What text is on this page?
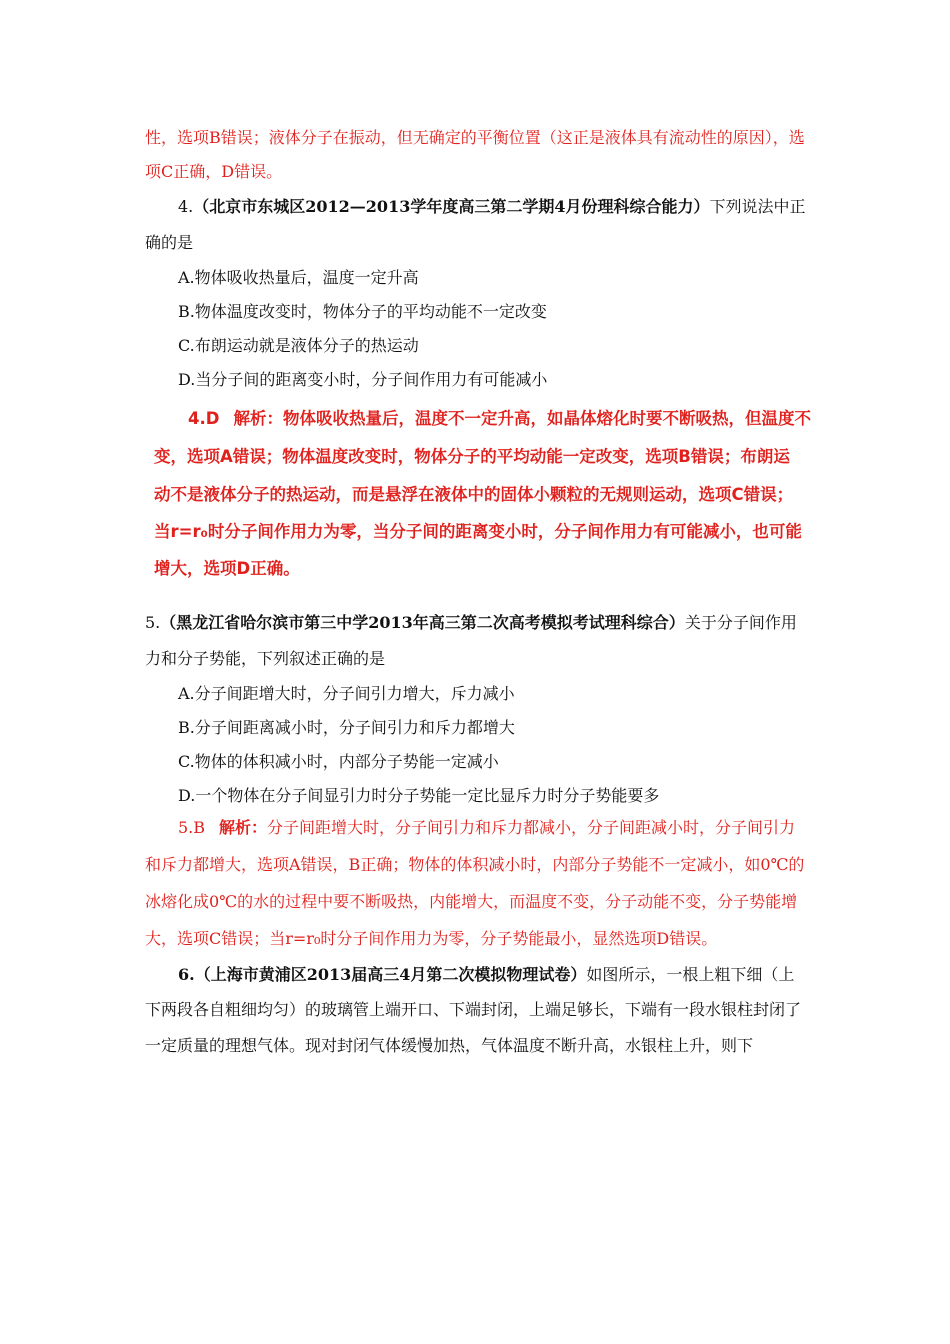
性，选项B错误；液体分子在振动，但无确定的平衡位置（这正是液体具有流动性的原因），选
项C正确，D错误。
4.（北京市东城区2012—2013学年度高三第二学期4月份理科综合能力）下列说法中正
确的是
A.物体吸收热量后，温度一定升高
B.物体温度改变时，物体分子的平均动能不一定改变
C.布朗运动就是液体分子的热运动
D.当分子间的距离变小时，分子间作用力有可能减小
4.D 解析：物体吸收热量后，温度不一定升高，如晶体熔化时要不断吸热，但温度不
变，选项A错误；物体温度改变时，物体分子的平均动能一定改变，选项B错误；布朗运
动不是液体分子的热运动，而是悬浮在液体中的固体小颗粒的无规则运动，选项C错误；
当r=r₀时分子间作用力为零，当分子间的距离变小时，分子间作用力有可能减小，也可能
增大，选项D正确。
5.（黑龙江省哈尔滨市第三中学2013年高三第二次高考模拟考试理科综合）关于分子间作用
力和分子势能，下列叙述正确的是
A.分子间距增大时，分子间引力增大，斥力减小
B.分子间距离减小时，分子间引力和斥力都增大
C.物体的体积减小时，内部分子势能一定减小
D.一个物体在分子间显引力时分子势能一定比显斥力时分子势能要多
5.B 解析：分子间距增大时，分子间引力和斥力都减小，分子间距减小时，分子间引力
和斥力都增大，选项A错误，B正确；物体的体积减小时，内部分子势能不一定减小，如0℃的
冰熔化成0℃的水的过程中要不断吸热，内能增大，而温度不变，分子动能不变，分子势能增
大，选项C错误；当r=r₀时分子间作用力为零，分子势能最小，显然选项D错误。
6.（上海市黄浦区2013届高三4月第二次模拟物理试卷）如图所示，一根上粗下细（上
下两段各自粗细均匀）的玻璃管上端开口、下端封闭，上端足够长，下端有一段水银柱封闭了
一定质量的理想气体。现对封闭气体缓慢加热，气体温度不断升高，水银柱上升，则下
